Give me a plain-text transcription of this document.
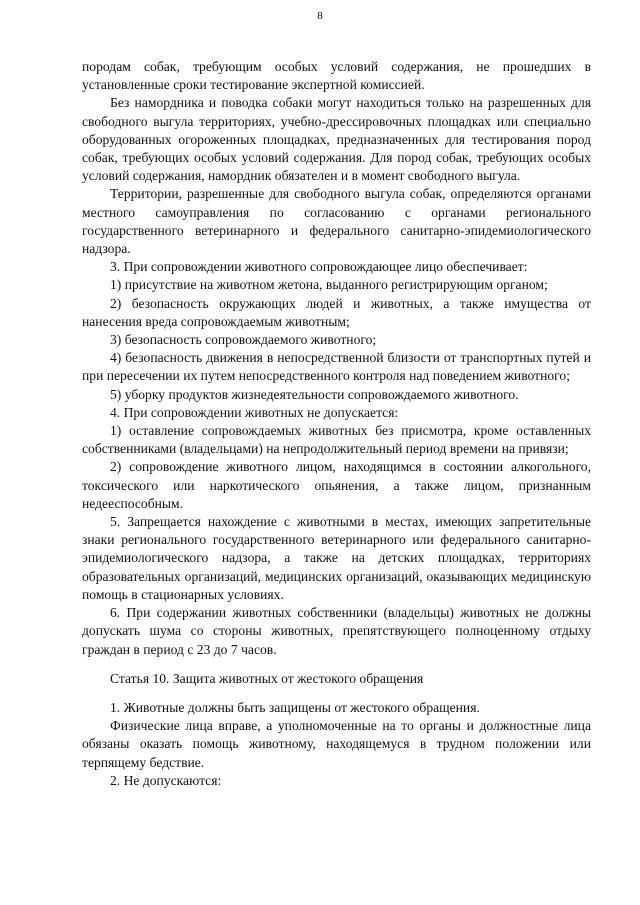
8

породам собак, требующим особых условий содержания, не прошедших в установленные сроки тестирование экспертной комиссией.

Без намордника и поводка собаки могут находиться только на разрешенных для свободного выгула территориях, учебно-дрессировочных площадках или специально оборудованных огороженных площадках, предназначенных для тестирования пород собак, требующих особых условий содержания. Для пород собак, требующих особых условий содержания, намордник обязателен и в момент свободного выгула.

Территории, разрешенные для свободного выгула собак, определяются органами местного самоуправления по согласованию с органами регионального государственного ветеринарного и федерального санитарно-эпидемиологического надзора.

3. При сопровождении животного сопровождающее лицо обеспечивает:

1) присутствие на животном жетона, выданного регистрирующим органом;

2) безопасность окружающих людей и животных, а также имущества от нанесения вреда сопровождаемым животным;

3) безопасность сопровождаемого животного;

4) безопасность движения в непосредственной близости от транспортных путей и при пересечении их путем непосредственного контроля над поведением животного;

5) уборку продуктов жизнедеятельности сопровождаемого животного.

4. При сопровождении животных не допускается:

1) оставление сопровождаемых животных без присмотра, кроме оставленных собственниками (владельцами) на непродолжительный период времени на привязи;

2) сопровождение животного лицом, находящимся в состоянии алкогольного, токсического или наркотического опьянения, а также лицом, признанным недееспособным.

5. Запрещается нахождение с животными в местах, имеющих запретительные знаки регионального государственного ветеринарного или федерального санитарно-эпидемиологического надзора, а также на детских площадках, территориях образовательных организаций, медицинских организаций, оказывающих медицинскую помощь в стационарных условиях.

6. При содержании животных собственники (владельцы) животных не должны допускать шума со стороны животных, препятствующего полноценному отдыху граждан в период с 23 до 7 часов.

Статья 10. Защита животных от жестокого обращения

1. Животные должны быть защищены от жестокого обращения.

Физические лица вправе, а уполномоченные на то органы и должностные лица обязаны оказать помощь животному, находящемуся в трудном положении или терпящему бедствие.

2. Не допускаются:
